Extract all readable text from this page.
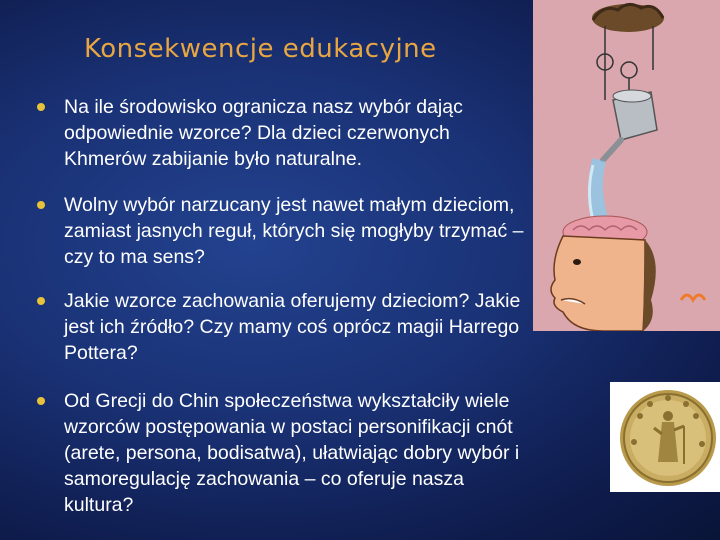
Konsekwencje edukacyjne
Na ile środowisko ogranicza nasz wybór dając odpowiednie wzorce? Dla dzieci czerwonych Khmerów zabijanie było naturalne.
Wolny wybór narzucany jest nawet małym dzieciom, zamiast jasnych reguł, których się mogłyby trzymać – czy to ma sens?
Jakie wzorce zachowania oferujemy dzieciom? Jakie jest ich źródło? Czy mamy coś oprócz magii Harrego Pottera?
Od Grecji do Chin społeczeństwa wykształciły wiele wzorców postępowania w postaci personifikacji cnót (arete, persona, bodisatwa), ułatwiając dobry wybór i samoregulację zachowania – co oferuje nasza kultura?
